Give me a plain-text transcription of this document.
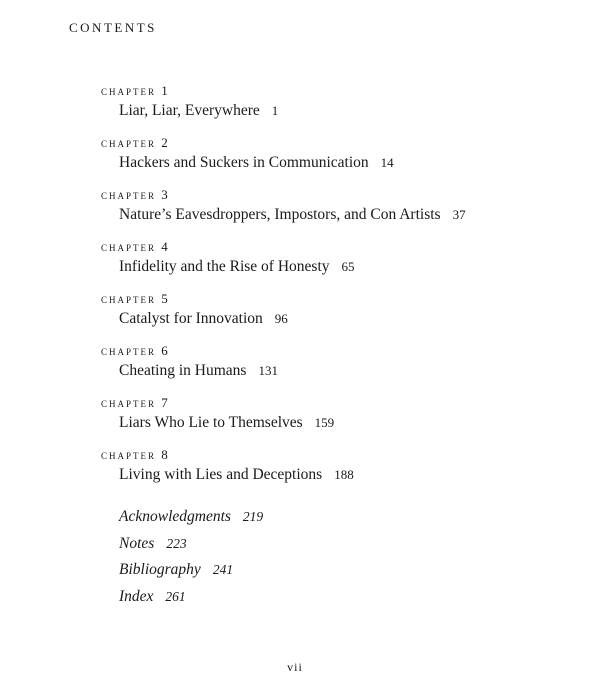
contents
chapter 1
Liar, Liar, Everywhere 1
chapter 2
Hackers and Suckers in Communication 14
chapter 3
Nature’s Eavesdroppers, Impostors, and Con Artists 37
chapter 4
Infidelity and the Rise of Honesty 65
chapter 5
Catalyst for Innovation 96
chapter 6
Cheating in Humans 131
chapter 7
Liars Who Lie to Themselves 159
chapter 8
Living with Lies and Deceptions 188
Acknowledgments 219
Notes 223
Bibliography 241
Index 261
vii
